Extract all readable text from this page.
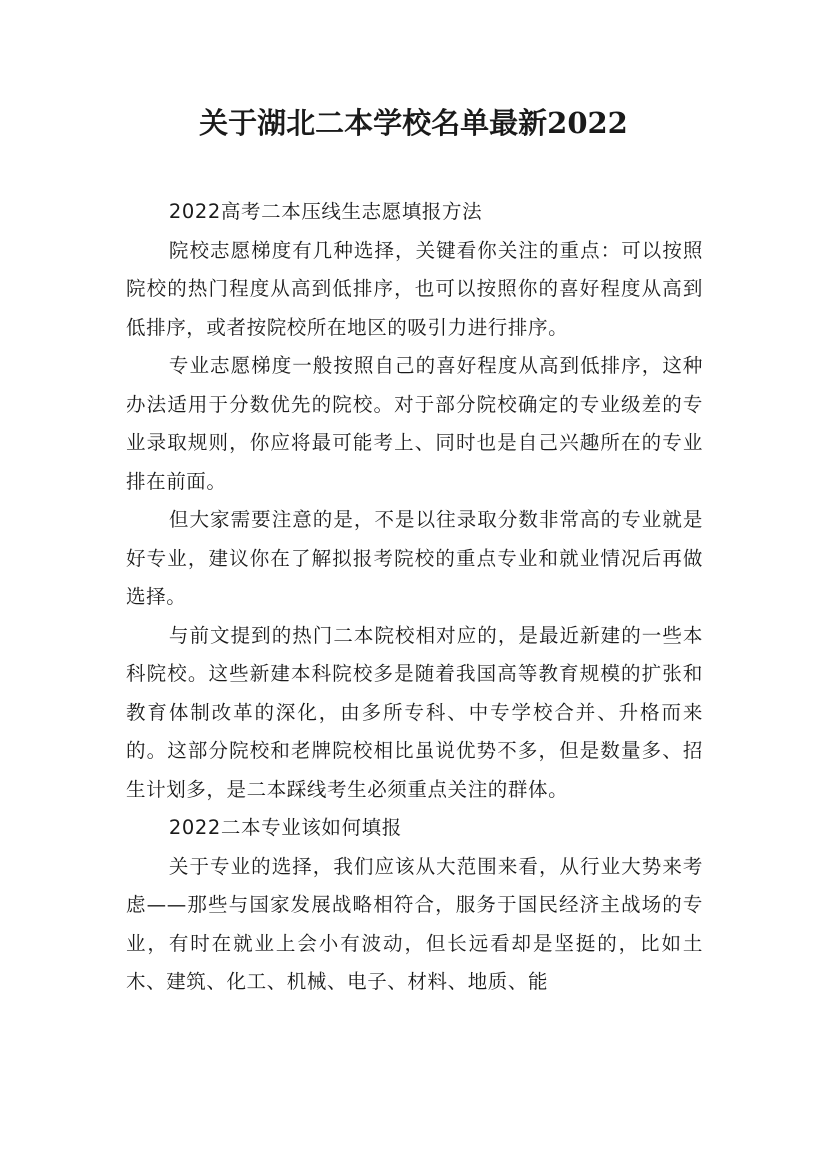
关于湖北二本学校名单最新2022

2022高考二本压线生志愿填报方法

院校志愿梯度有几种选择，关键看你关注的重点：可以按照院校的热门程度从高到低排序，也可以按照你的喜好程度从高到低排序，或者按院校所在地区的吸引力进行排序。

专业志愿梯度一般按照自己的喜好程度从高到低排序，这种办法适用于分数优先的院校。对于部分院校确定的专业级差的专业录取规则，你应将最可能考上、同时也是自己兴趣所在的专业排在前面。

但大家需要注意的是，不是以往录取分数非常高的专业就是好专业，建议你在了解拟报考院校的重点专业和就业情况后再做选择。

与前文提到的热门二本院校相对应的，是最近新建的一些本科院校。这些新建本科院校多是随着我国高等教育规模的扩张和教育体制改革的深化，由多所专科、中专学校合并、升格而来的。这部分院校和老牌院校相比虽说优势不多，但是数量多、招生计划多，是二本踩线考生必须重点关注的群体。

2022二本专业该如何填报

关于专业的选择，我们应该从大范围来看，从行业大势来考虑——那些与国家发展战略相符合，服务于国民经济主战场的专业，有时在就业上会小有波动，但长远看却是坚挺的，比如土木、建筑、化工、机械、电子、材料、地质、能
